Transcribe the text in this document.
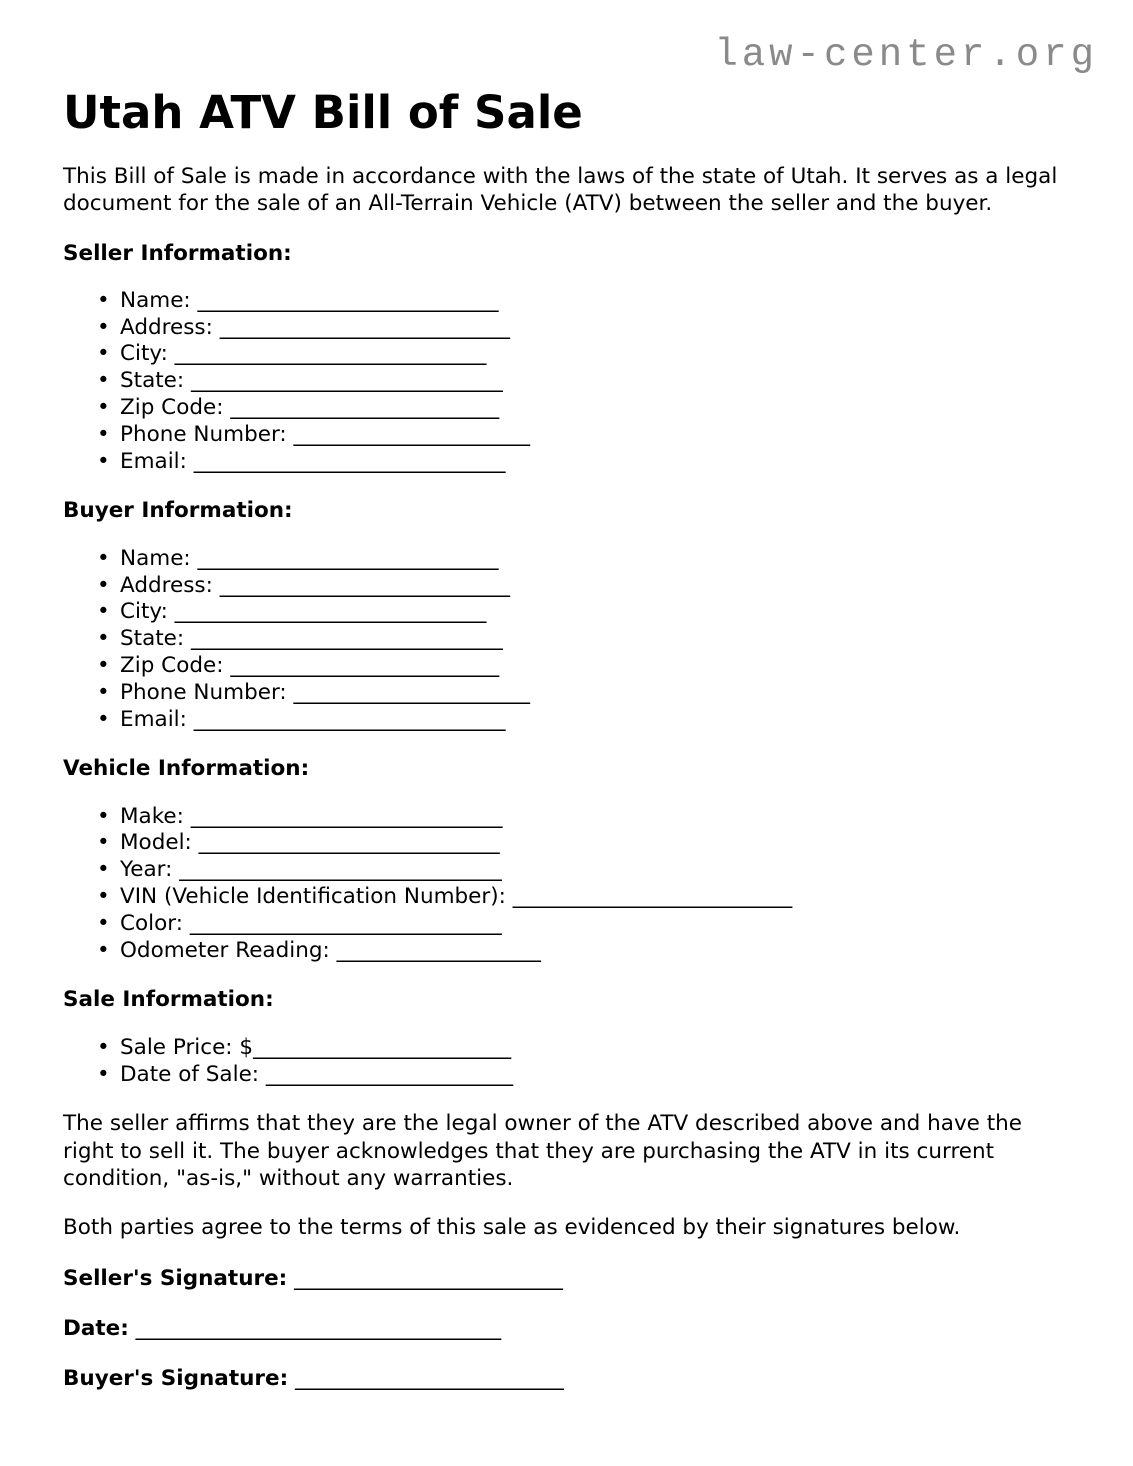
law-center.org
Utah ATV Bill of Sale

This Bill of Sale is made in accordance with the laws of the state of Utah. It serves as a legal document for the sale of an All-Terrain Vehicle (ATV) between the seller and the buyer.

Seller Information:

• Name: ____________________________
• Address: ___________________________
• City: _____________________________
• State: _____________________________
• Zip Code: _________________________
• Phone Number: ______________________
• Email: _____________________________

Buyer Information:

• Name: ____________________________
• Address: ___________________________
• City: _____________________________
• State: _____________________________
• Zip Code: _________________________
• Phone Number: ______________________
• Email: _____________________________

Vehicle Information:

• Make: _____________________________
• Model: ____________________________
• Year: ______________________________
• VIN (Vehicle Identification Number): __________________________
• Color: _____________________________
• Odometer Reading: ___________________

Sale Information:

• Sale Price: $________________________
• Date of Sale: _______________________

The seller affirms that they are the legal owner of the ATV described above and have the right to sell it. The buyer acknowledges that they are purchasing the ATV in its current condition, "as-is," without any warranties.

Both parties agree to the terms of this sale as evidenced by their signatures below.

Seller's Signature: _________________________

Date: __________________________________

Buyer's Signature: _________________________
